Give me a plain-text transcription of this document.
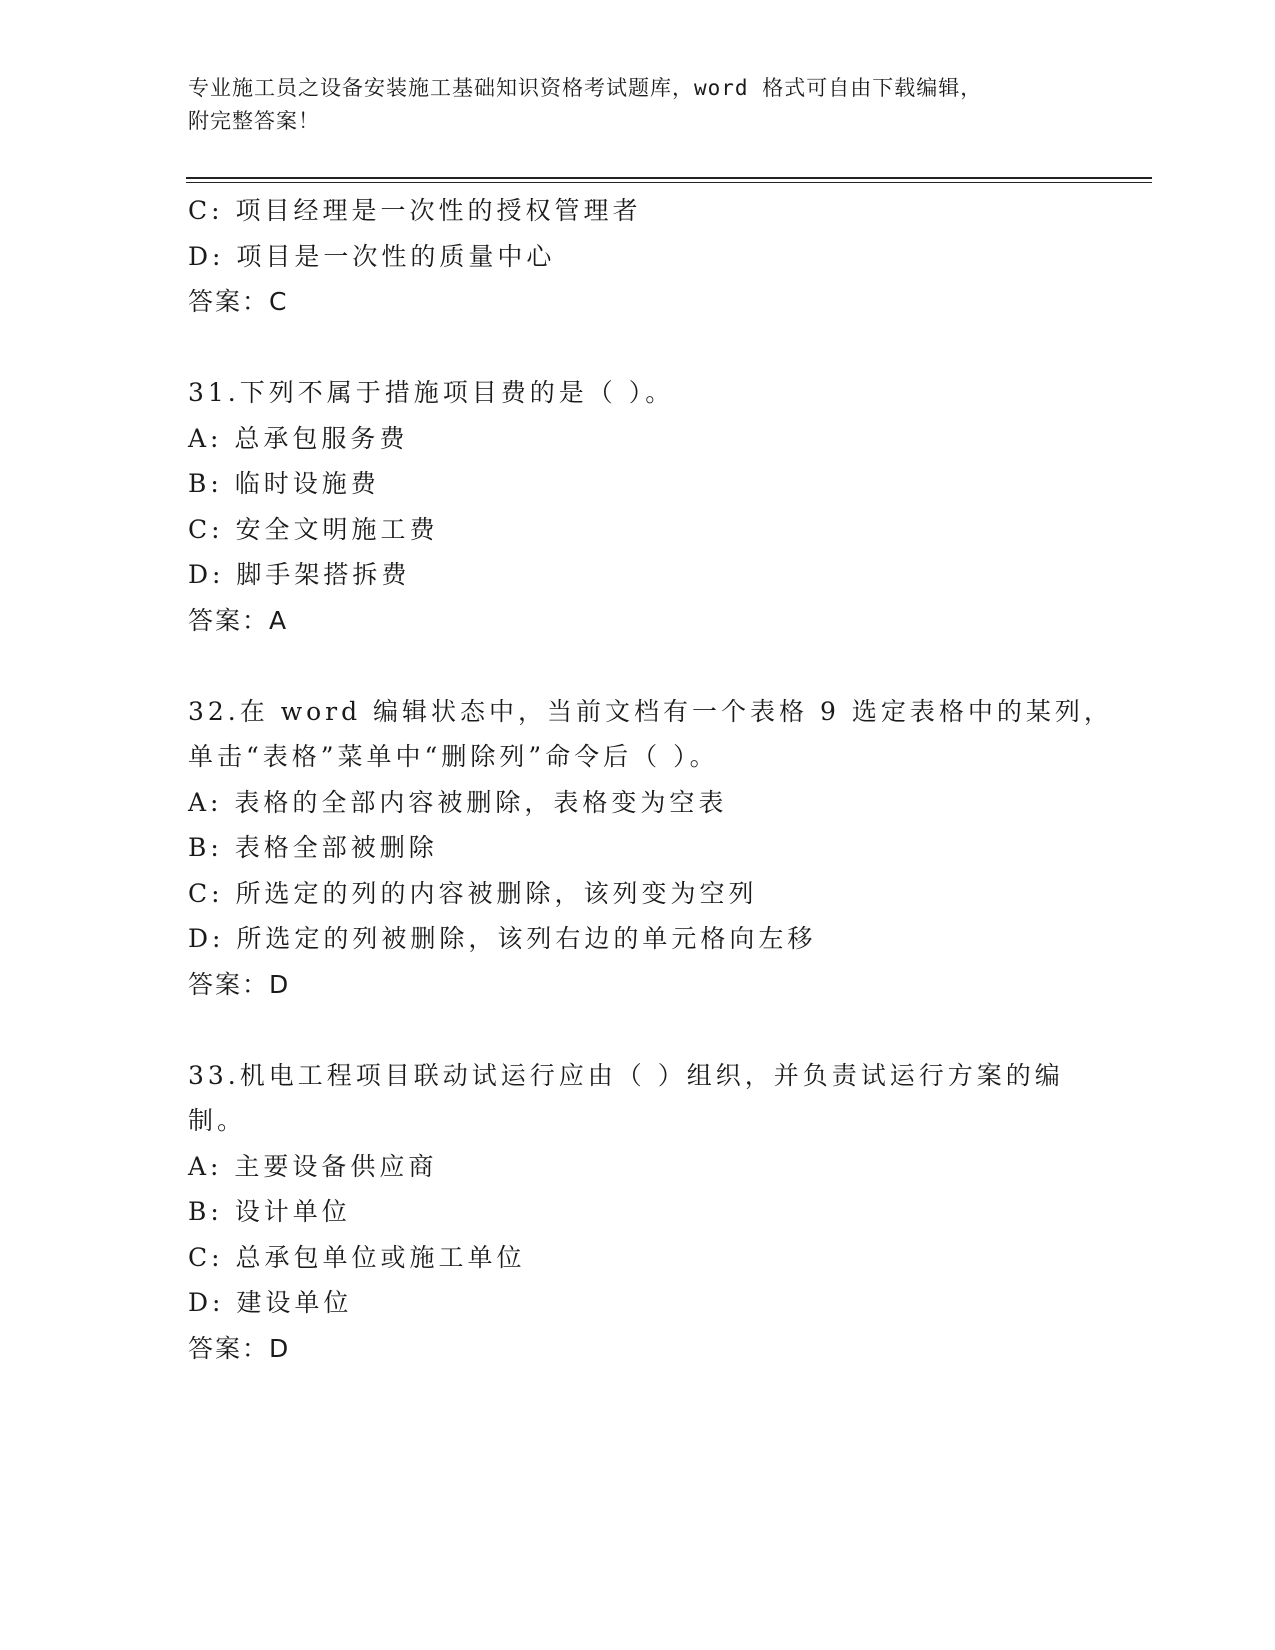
专业施工员之设备安装施工基础知识资格考试题库，word 格式可自由下载编辑，
附完整答案！
C: 项目经理是一次性的授权管理者
D: 项目是一次性的质量中心
答案：C
31.下列不属于措施项目费的是（ ）。
A: 总承包服务费
B: 临时设施费
C: 安全文明施工费
D: 脚手架搭拆费
答案：A
32.在 word 编辑状态中，当前文档有一个表格 9 选定表格中的某列，
单击“表格”菜单中“删除列”命令后（ ）。
A: 表格的全部内容被删除，表格变为空表
B: 表格全部被删除
C: 所选定的列的内容被删除，该列变为空列
D: 所选定的列被删除，该列右边的单元格向左移
答案：D
33.机电工程项目联动试运行应由（ ）组织，并负责试运行方案的编
制。
A: 主要设备供应商
B: 设计单位
C: 总承包单位或施工单位
D: 建设单位
答案：D
